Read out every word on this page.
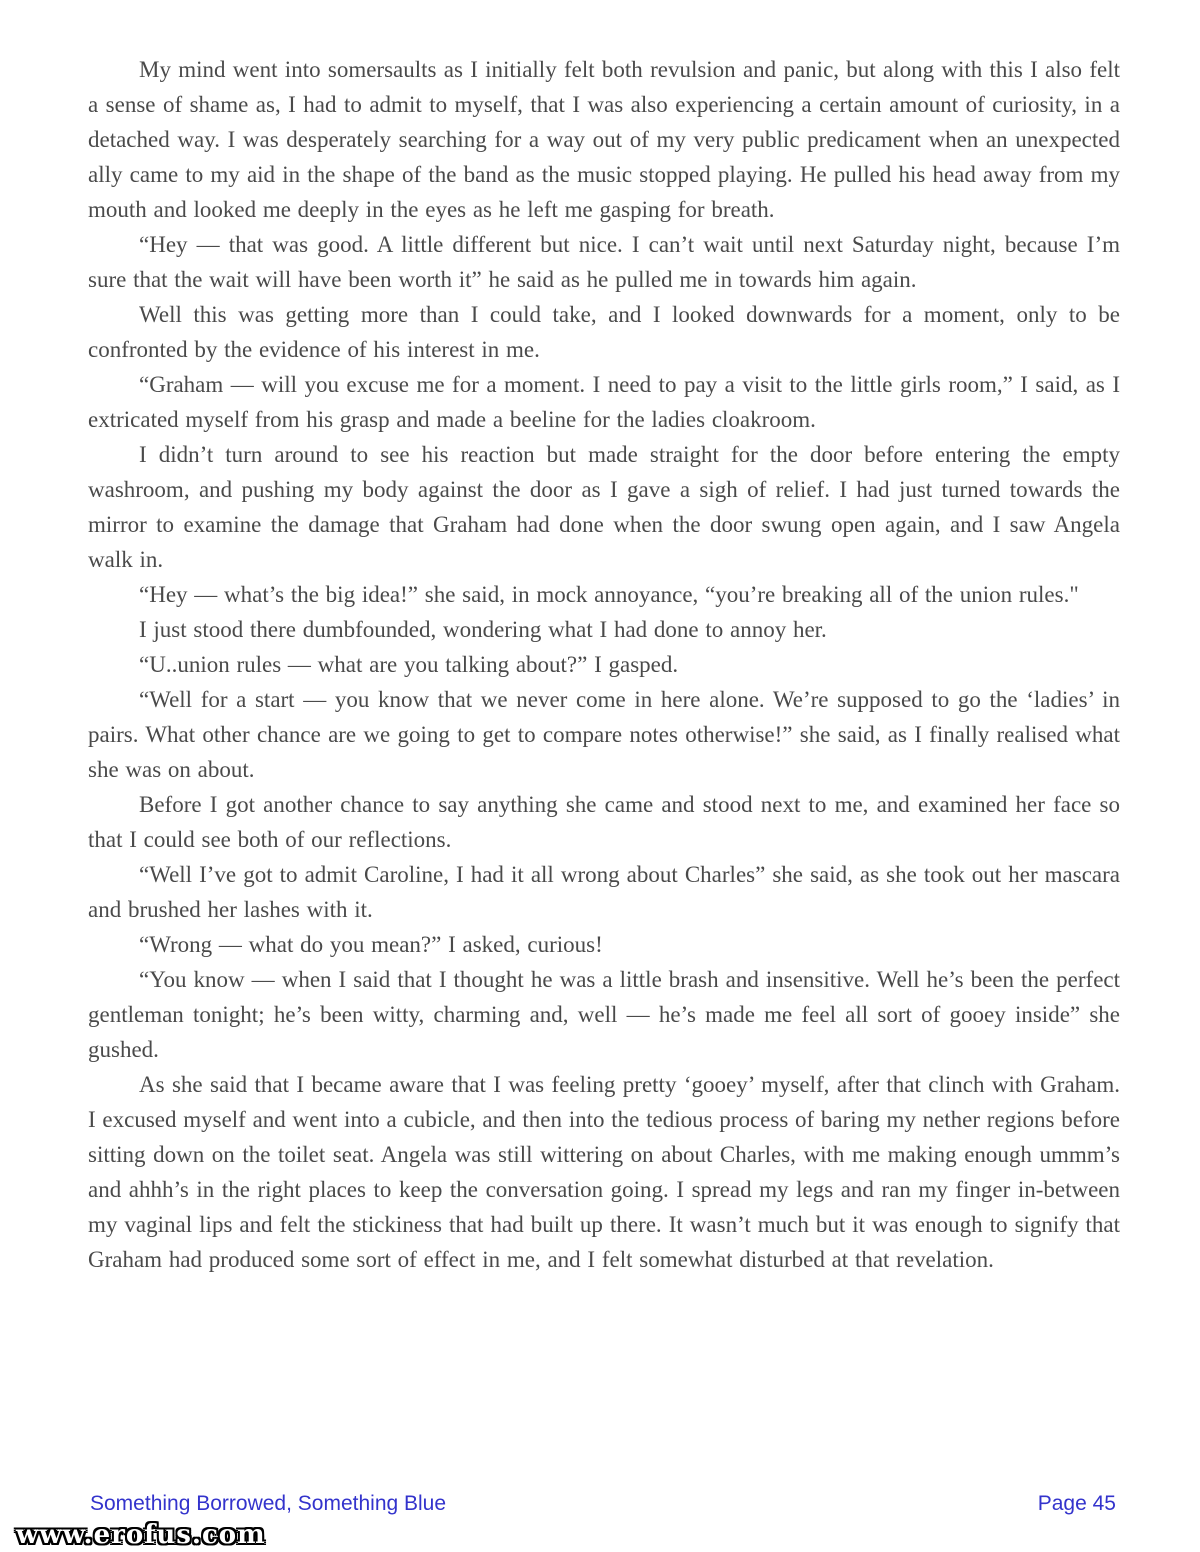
My mind went into somersaults as I initially felt both revulsion and panic, but along with this I also felt a sense of shame as, I had to admit to myself, that I was also experiencing a certain amount of curiosity, in a detached way. I was desperately searching for a way out of my very public predicament when an unexpected ally came to my aid in the shape of the band as the music stopped playing. He pulled his head away from my mouth and looked me deeply in the eyes as he left me gasping for breath.

“Hey — that was good. A little different but nice. I can’t wait until next Saturday night, because I’m sure that the wait will have been worth it” he said as he pulled me in towards him again.

Well this was getting more than I could take, and I looked downwards for a moment, only to be confronted by the evidence of his interest in me.

“Graham — will you excuse me for a moment. I need to pay a visit to the little girls room,” I said, as I extricated myself from his grasp and made a beeline for the ladies cloakroom.

I didn’t turn around to see his reaction but made straight for the door before entering the empty washroom, and pushing my body against the door as I gave a sigh of relief. I had just turned towards the mirror to examine the damage that Graham had done when the door swung open again, and I saw Angela walk in.

“Hey — what’s the big idea!” she said, in mock annoyance, “you’re breaking all of the union rules."

I just stood there dumbfounded, wondering what I had done to annoy her.

“U..union rules — what are you talking about?” I gasped.

“Well for a start — you know that we never come in here alone. We’re supposed to go the ‘ladies’ in pairs. What other chance are we going to get to compare notes otherwise!” she said, as I finally realised what she was on about.

Before I got another chance to say anything she came and stood next to me, and examined her face so that I could see both of our reflections.

“Well I’ve got to admit Caroline, I had it all wrong about Charles” she said, as she took out her mascara and brushed her lashes with it.

“Wrong — what do you mean?” I asked, curious!

“You know — when I said that I thought he was a little brash and insensitive. Well he’s been the perfect gentleman tonight; he’s been witty, charming and, well — he’s made me feel all sort of gooey inside” she gushed.

As she said that I became aware that I was feeling pretty ‘gooey’ myself, after that clinch with Graham. I excused myself and went into a cubicle, and then into the tedious process of baring my nether regions before sitting down on the toilet seat. Angela was still wittering on about Charles, with me making enough ummm’s and ahhh’s in the right places to keep the conversation going. I spread my legs and ran my finger in-between my vaginal lips and felt the stickiness that had built up there. It wasn’t much but it was enough to signify that Graham had produced some sort of effect in me, and I felt somewhat disturbed at that revelation.

Something Borrowed, Something Blue	Page 45
www.erofus.com
